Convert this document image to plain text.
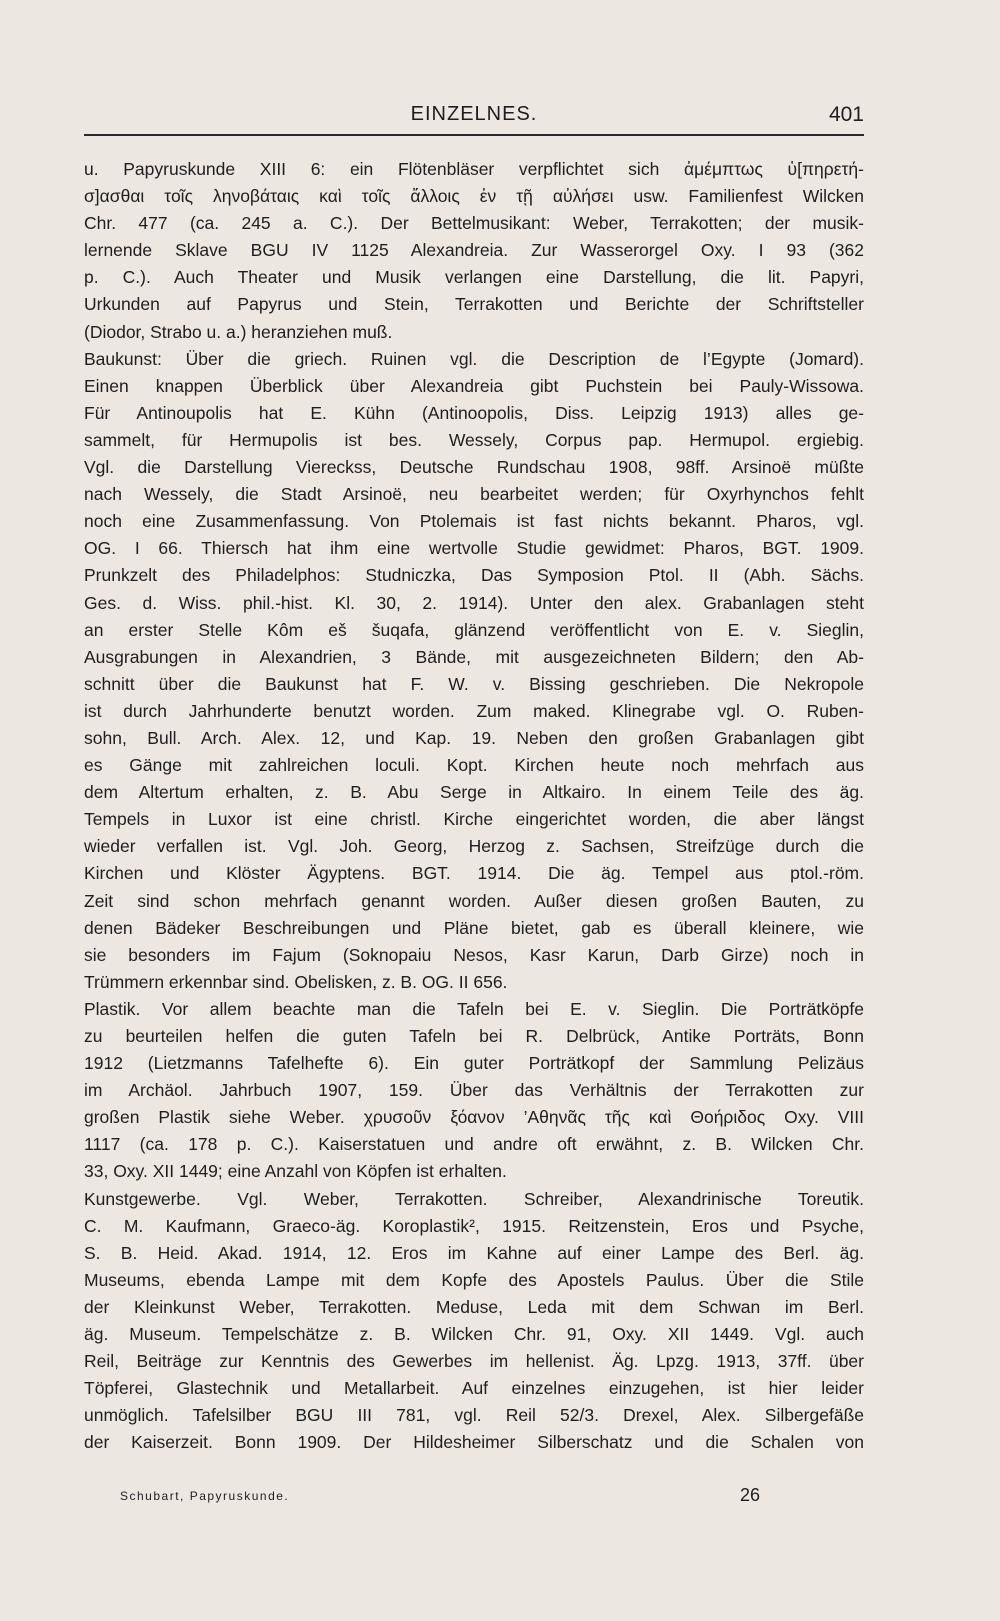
EINZELNES.	401
u. Papyruskunde XIII 6: ein Flötenbläser verpflichtet sich ἀμέμπτως ὑ[πηρετή-
σ]ασθαι τοῖς ληνοβάταις καὶ τοῖς ἄλλοις ἐν τῇ αὐλήσει usw. Familienfest Wilcken
Chr. 477 (ca. 245 a. C.). Der Bettelmusikant: Weber, Terrakotten; der musik-
lernende Sklave BGU IV 1125 Alexandreia. Zur Wasserorgel Oxy. I 93 (362
p. C.). Auch Theater und Musik verlangen eine Darstellung, die lit. Papyri,
Urkunden auf Papyrus und Stein, Terrakotten und Berichte der Schriftsteller
(Diodor, Strabo u. a.) heranziehen muß.
Baukunst: Über die griech. Ruinen vgl. die Description de l’Egypte (Jomard).
Einen knappen Überblick über Alexandreia gibt Puchstein bei Pauly-Wissowa.
Für Antinoupolis hat E. Kühn (Antinoopolis, Diss. Leipzig 1913) alles ge-
sammelt, für Hermupolis ist bes. Wessely, Corpus pap. Hermupol. ergiebig.
Vgl. die Darstellung Viereckss, Deutsche Rundschau 1908, 98ff. Arsinoë müßte
nach Wessely, die Stadt Arsinoë, neu bearbeitet werden; für Oxyrhynchos fehlt
noch eine Zusammenfassung. Von Ptolemais ist fast nichts bekannt. Pharos, vgl.
OG. I 66. Thiersch hat ihm eine wertvolle Studie gewidmet: Pharos, BGT. 1909.
Prunkzelt des Philadelphos: Studniczka, Das Symposion Ptol. II (Abh. Sächs.
Ges. d. Wiss. phil.-hist. Kl. 30, 2. 1914). Unter den alex. Grabanlagen steht
an erster Stelle Kôm eš šuqafa, glänzend veröffentlicht von E. v. Sieglin,
Ausgrabungen in Alexandrien, 3 Bände, mit ausgezeichneten Bildern; den Ab-
schnitt über die Baukunst hat F. W. v. Bissing geschrieben. Die Nekropole
ist durch Jahrhunderte benutzt worden. Zum maked. Klinegrabe vgl. O. Ruben-
sohn, Bull. Arch. Alex. 12, und Kap. 19. Neben den großen Grabanlagen gibt
es Gänge mit zahlreichen loculi. Kopt. Kirchen heute noch mehrfach aus
dem Altertum erhalten, z. B. Abu Serge in Altkairo. In einem Teile des äg.
Tempels in Luxor ist eine christl. Kirche eingerichtet worden, die aber längst
wieder verfallen ist. Vgl. Joh. Georg, Herzog z. Sachsen, Streifzüge durch die
Kirchen und Klöster Ägyptens. BGT. 1914. Die äg. Tempel aus ptol.-röm.
Zeit sind schon mehrfach genannt worden. Außer diesen großen Bauten, zu
denen Bädeker Beschreibungen und Pläne bietet, gab es überall kleinere, wie
sie besonders im Fajum (Soknopaiu Nesos, Kasr Karun, Darb Girze) noch in
Trümmern erkennbar sind. Obelisken, z. B. OG. II 656.
Plastik. Vor allem beachte man die Tafeln bei E. v. Sieglin. Die Porträtköpfe
zu beurteilen helfen die guten Tafeln bei R. Delbrück, Antike Porträts, Bonn
1912 (Lietzmanns Tafelhefte 6). Ein guter Porträtkopf der Sammlung Pelizäus
im Archäol. Jahrbuch 1907, 159. Über das Verhältnis der Terrakotten zur
großen Plastik siehe Weber. χρυσοῦν ξόανον ’Αθηνᾶς τῆς καὶ Θοήριδος Oxy. VIII
1117 (ca. 178 p. C.). Kaiserstatuen und andre oft erwähnt, z. B. Wilcken Chr.
33, Oxy. XII 1449; eine Anzahl von Köpfen ist erhalten.
Kunstgewerbe. Vgl. Weber, Terrakotten. Schreiber, Alexandrinische Toreutik.
C. M. Kaufmann, Graeco-äg. Koroplastik², 1915. Reitzenstein, Eros und Psyche,
S. B. Heid. Akad. 1914, 12. Eros im Kahne auf einer Lampe des Berl. äg.
Museums, ebenda Lampe mit dem Kopfe des Apostels Paulus. Über die Stile
der Kleinkunst Weber, Terrakotten. Meduse, Leda mit dem Schwan im Berl.
äg. Museum. Tempelschätze z. B. Wilcken Chr. 91, Oxy. XII 1449. Vgl. auch
Reil, Beiträge zur Kenntnis des Gewerbes im hellenist. Äg. Lpzg. 1913, 37ff. über
Töpferei, Glastechnik und Metallarbeit. Auf einzelnes einzugehen, ist hier leider
unmöglich. Tafelsilber BGU III 781, vgl. Reil 52/3. Drexel, Alex. Silbergefäße
der Kaiserzeit. Bonn 1909. Der Hildesheimer Silberschatz und die Schalen von
Schubart, Papyruskunde.	26
